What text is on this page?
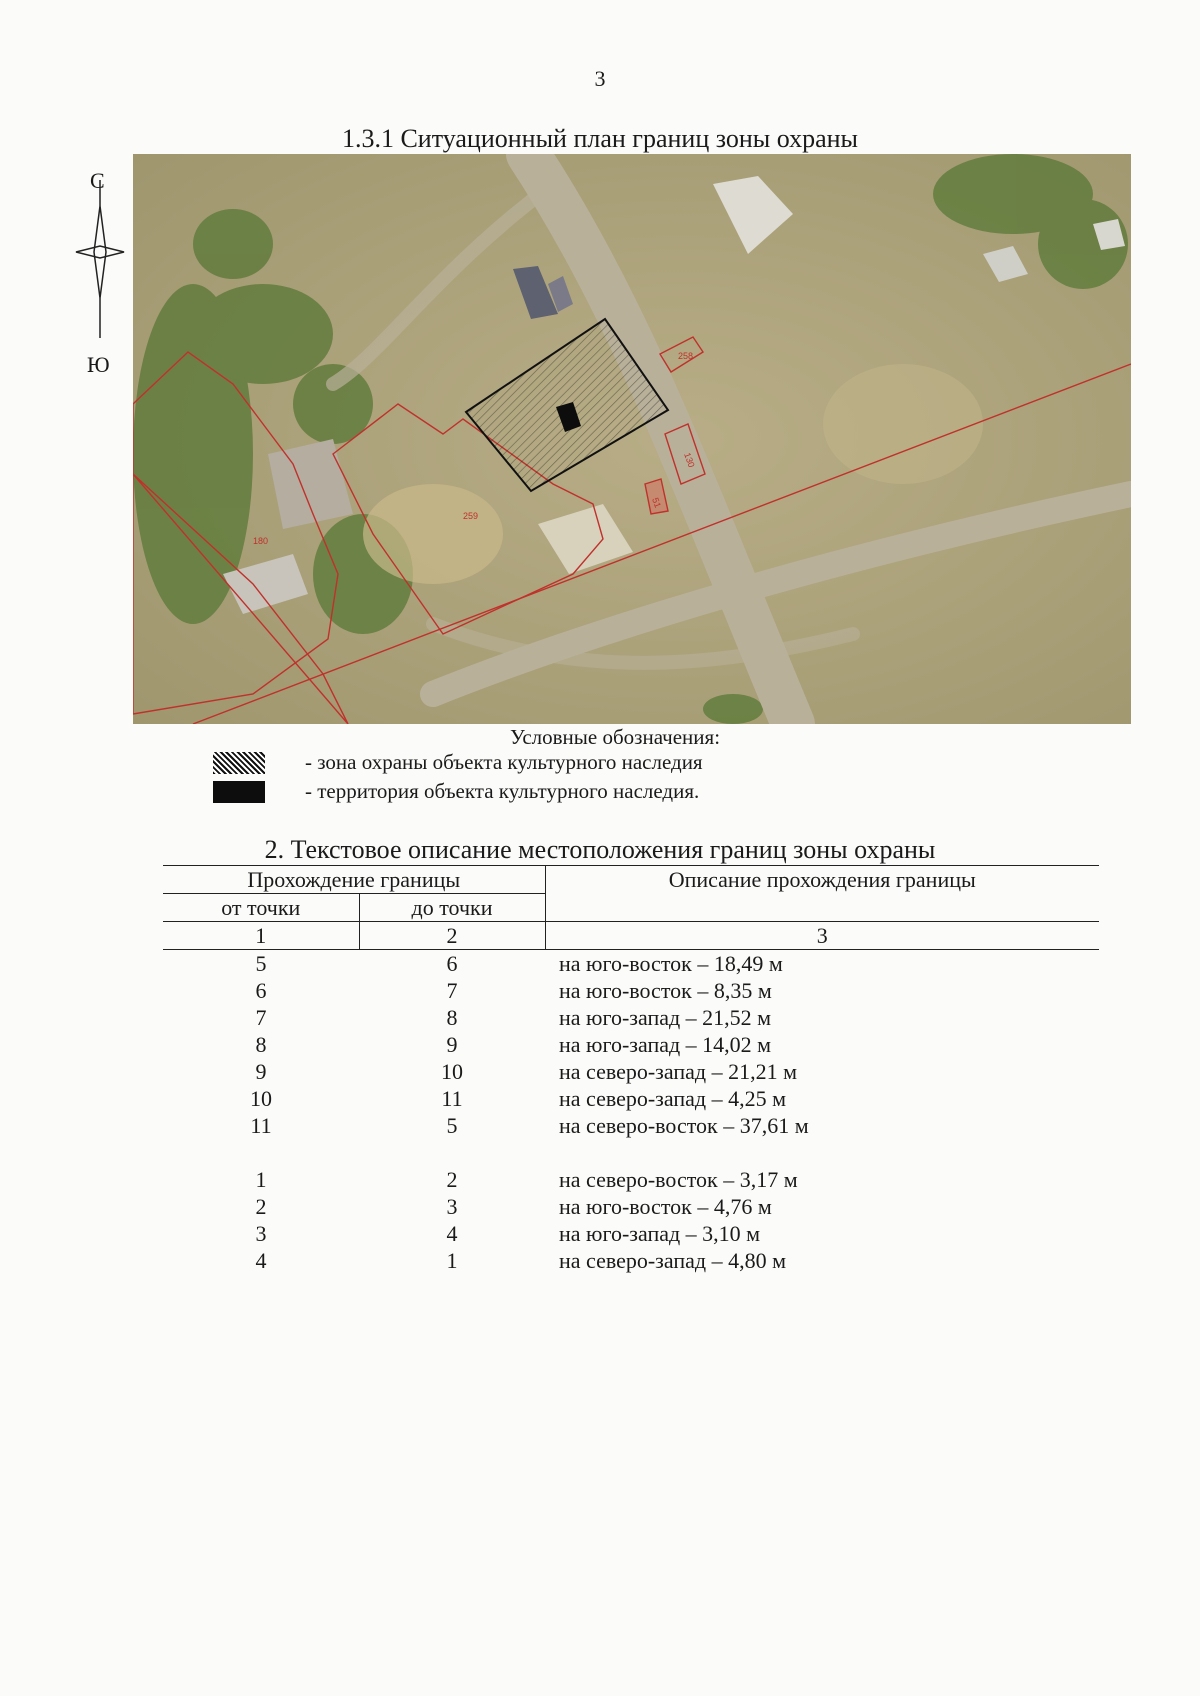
3
1.3.1 Ситуационный план границ зоны охраны
С
Ю	258
259
180
130
51
Условные обозначения:
- зона охраны объекта культурного наследия
- территория объекта культурного наследия.
2. Текстовое описание местоположения границ зоны охраны
Прохождение границы		Описание прохождения границы
от точки	до точки	
1	2	3
5	6	на юго-восток – 18,49 м
6	7	на юго-восток – 8,35 м
7	8	на юго-запад – 21,52 м
8	9	на юго-запад – 14,02 м
9	10	на северо-запад – 21,21 м
10	11	на северо-запад – 4,25 м
11	5	на северо-восток – 37,61 м

1	2	на северо-восток – 3,17 м
2	3	на юго-восток – 4,76 м
3	4	на юго-запад – 3,10 м
4	1	на северо-запад – 4,80 м
